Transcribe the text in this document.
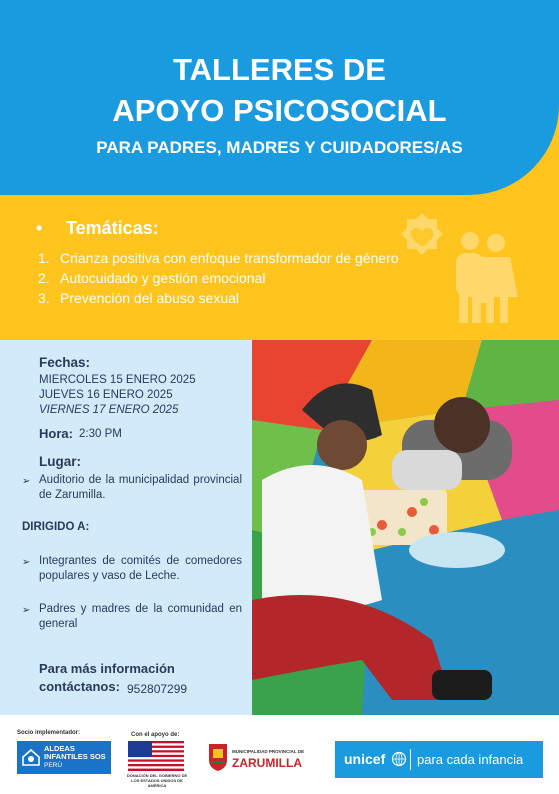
TALLERES DE
APOYO PSICOSOCIAL
PARA PADRES, MADRES Y CUIDADORES/AS
• Temáticas:
1. Crianza positiva con enfoque transformador de género
2. Autocuidado y gestión emocional
3. Prevención del abuso sexual
Fechas:
MIERCOLES 15 ENERO 2025
JUEVES 16 ENERO 2025
VIERNES 17 ENERO 2025
Hora: 2:30 PM
Lugar:
➢ Auditorio de la municipalidad provincial de Zarumilla.
DIRIGIDO A:
➢ Integrantes de comités de comedores populares y vaso de Leche.
➢ Padres y madres de la comunidad en general
Para más información
contáctanos: 952807299
Socio implementador:
ALDEAS
INFANTILES SOS
PERÚ
Con el apoyo de:
DONACIÓN DEL GOBIERNO DE LOS ESTADOS UNIDOS DE AMÉRICA
MUNICIPALIDAD PROVINCIAL DE
ZARUMILLA	unicef para cada infancia
